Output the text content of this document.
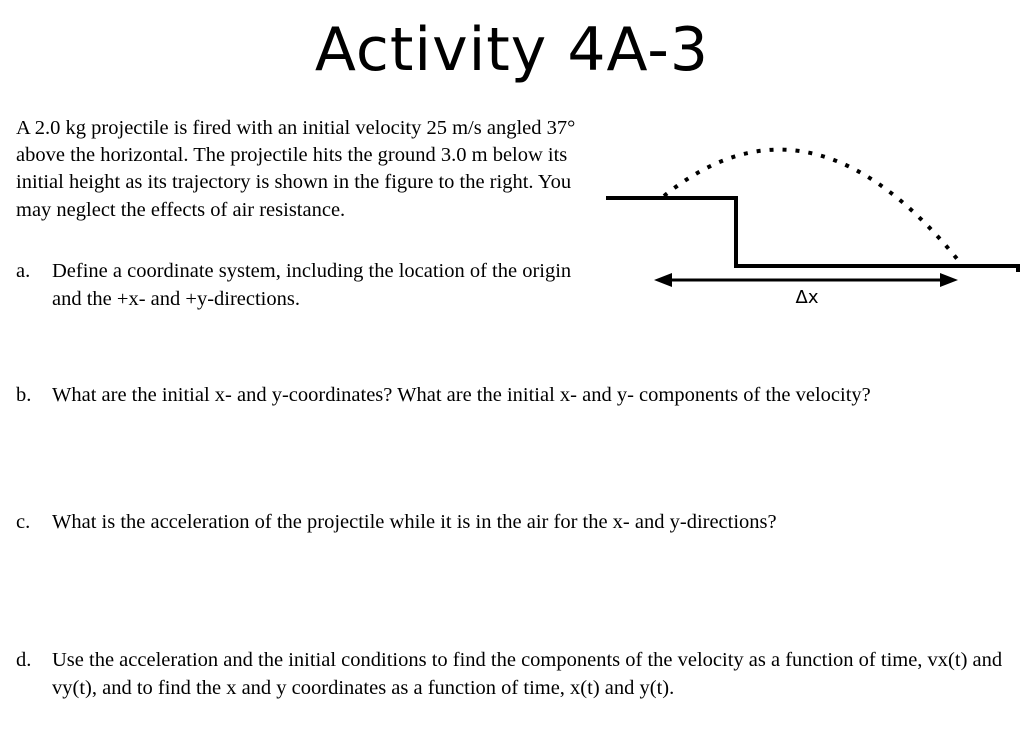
Activity 4A-3
A 2.0 kg projectile is fired with an initial velocity 25 m/s angled 37° above the horizontal. The projectile hits the ground 3.0 m below its initial height as its trajectory is shown in the figure to the right. You may neglect the effects of air resistance.
a. Define a coordinate system, including the location of the origin and the +x- and +y-directions.
b. What are the initial x- and y-coordinates? What are the initial x- and y- components of the velocity?
c. What is the acceleration of the projectile while it is in the air for the x- and y-directions?
d. Use the acceleration and the initial conditions to find the components of the velocity as a function of time, vx(t) and vy(t), and to find the x and y coordinates as a function of time, x(t) and y(t).
Δx
